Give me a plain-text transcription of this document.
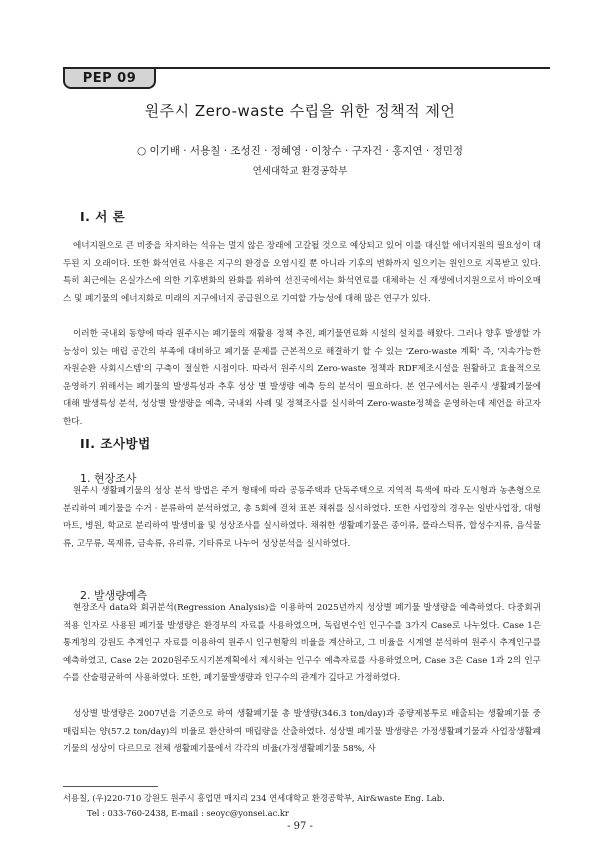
PEP 09
원주시 Zero-waste 수립을 위한 정책적 제언
○ 이기배 · 서용칠 · 조성진 · 정혜영 · 이창수 · 구자건 · 홍지연 · 정민정
연세대학교 환경공학부
I. 서 론

에너지원으로 큰 비중을 차지하는 석유는 멀지 않은 장래에 고갈될 것으로 예상되고 있어 이를 대신할 에너지원의 필요성이 대두된 지 오래이다. 또한 화석연료 사용은 지구의 환경을 오염시킬 뿐 아니라 기후의 변화까지 일으키는 원인으로 지목받고 있다. 특히 최근에는 온실가스에 의한 기후변화의 완화를 위하여 선진국에서는 화석연료를 대체하는 신 재생에너지원으로서 바이오매스 및 폐기물의 에너지화로 미래의 지구에너지 공급원으로 기여할 가능성에 대해 많은 연구가 있다.

이러한 국내외 동향에 따라 원주시는 폐기물의 재활용 정책 추진, 폐기물연료화 시설의 설치를 해왔다. 그러나 향후 발생할 가능성이 있는 매립 공간의 부족에 대비하고 폐기물 문제를 근본적으로 해결하기 할 수 있는 'Zero-waste 계획' 즉, '지속가능한 자원순환 사회시스템'의 구축이 절실한 시점이다. 따라서 원주시의 Zero-waste 정책과 RDF제조시설을 원활하고 효율적으로 운영하기 위해서는 폐기물의 발생특성과 추후 성상 별 발생량 예측 등의 분석이 필요하다. 본 연구에서는 원주시 생활폐기물에 대해 발생특성 분석, 성상별 발생량을 예측, 국내외 사례 및 정책조사를 실시하여 Zero-waste정책을 운영하는데 제언을 하고자 한다.

II. 조사방법
1. 현장조사

원주시 생활폐기물의 성상 분석 방법은 주거 형태에 따라 공동주택과 단독주택으로 지역적 특색에 따라 도시형과 농촌형으로 분리하여 폐기물을 수거 · 분류하여 분석하였고, 총 5회에 걸쳐 표본 채취를 실시하였다. 또한 사업장의 경우는 일반사업장, 대형마트, 병원, 학교로 분리하여 발생비율 및 성상조사를 실시하였다. 채취한 생활폐기물은 종이류, 플라스틱류, 합성수지류, 음식물류, 고무류, 목재류, 금속류, 유리류, 기타류로 나누어 성상분석을 실시하였다.

2. 발생량예측

현장조사 data와 회귀분석(Regression Analysis)을 이용하여 2025년까지 성상별 폐기물 발생량을 예측하였다. 다중회귀적용 인자로 사용된 폐기물 발생량은 환경부의 자료를 사용하였으며, 독립변수인 인구수를 3가지 Case로 나누었다. Case 1은 통계청의 강원도 추계인구 자료를 이용하여 원주시 인구현황의 비율을 계산하고, 그 비율을 시계열 분석하여 원주시 추계인구를 예측하였고, Case 2는 2020원주도시기본계획에서 제시하는 인구수 예측자료를 사용하였으며, Case 3은 Case 1과 2의 인구수를 산술평균하여 사용하였다. 또한, 폐기물발생량과 인구수의 관계가 깊다고 가정하였다.

성상별 발생량은 2007년을 기준으로 하여 생활폐기물 총 발생량(346.3 ton/day)과 종량제봉투로 배출되는 생활폐기물 중 매립되는 양(57.2 ton/day)의 비율로 환산하여 매립량을 산출하였다. 성상별 폐기물 발생량은 가정생활폐기물과 사업장생활폐기물의 성상이 다르므로 전체 생활폐기물에서 각각의 비율(가정생활폐기물 58%, 사

서용칠, (우)220-710 강원도 원주시 흥업면 매지리 234 연세대학교 환경공학부, Air&waste Eng. Lab.
Tel : 033-760-2438, E-mail : seoyc@yonsei.ac.kr
- 97 -
